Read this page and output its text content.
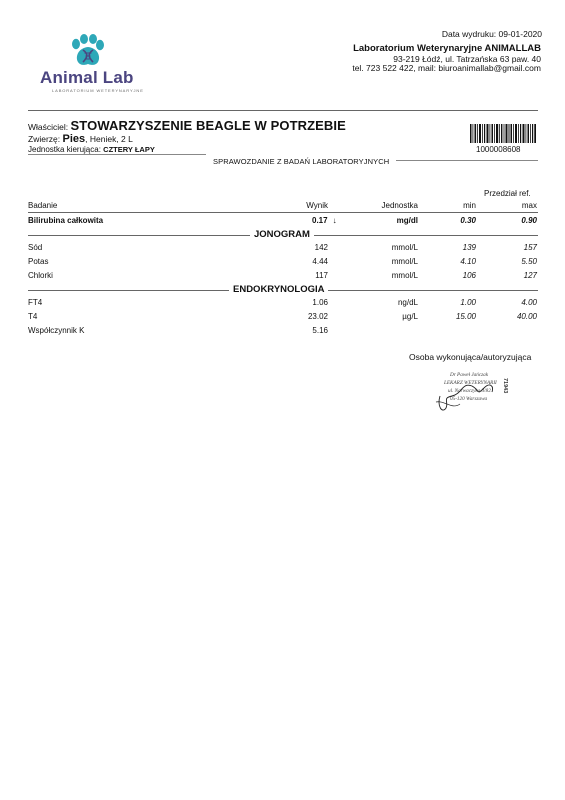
Animal Lab
LABORATORIUM WETERYNARYJNE
Data wydruku: 09-01-2020
Laboratorium Weterynaryjne ANIMALLAB
93-219 Łódź, ul. Tatrzańska 63 paw. 40
tel. 723 522 422, mail: biuroanimallab@gmail.com
Właściciel: STOWARZYSZENIE BEAGLE W POTRZEBIE
Zwierzę: Pies, Heniek, 2 L
Jednostka kierująca: CZTERY ŁAPY	1000008608
SPRAWOZDANIE Z BADAŃ LABORATORYJNYCH
Przedział ref.
Badanie	Wynik	Jednostka	min	max
Bilirubina całkowita	0.17 ↓	mg/dl	0.30	0.90
JONOGRAM
Sód	142	mmol/L	139	157
Potas	4.44	mmol/L	4.10	5.50
Chlorki	117	mmol/L	106	127
ENDOKRYNOLOGIA
FT4	1.06	ng/dL	1.00	4.00
T4	23.02	µg/L	15.00	40.00
Współczynnik K	5.16
Osoba wykonująca/autoryzująca
Dr Paweł Jańczak
LEKARZ WETERYNARII
ul. Narwaczyka 3/82
05-120 Warszawa
71943
